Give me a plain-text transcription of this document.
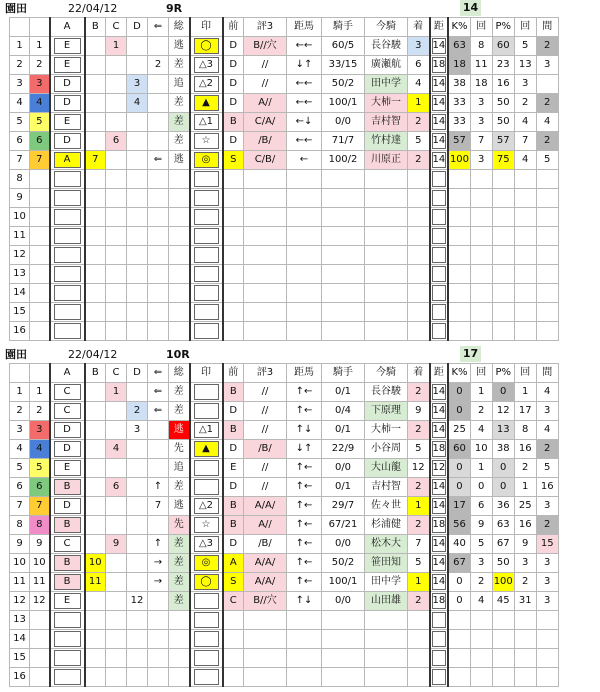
園田	22/04/12	9R	14
		A	B	C	D	⇐	総	印	前	評3	距馬	騎手	今騎	着	距	K%	回	P%	回	間
1	1	E		1			逃	◯	D	B//穴	←←	60/5	長谷駿	3	14	63	8	60	5	2
2	2	E				2	差	△3	D	//	↓↑	33/15	廣瀬航	6	18	18	11	23	13	3
3	3	D			3		追	△2	D	//	←←	50/2	田中学	4	14	38	18	16	3	
4	4	D			4		差	▲	D	A//	←←	100/1	大柿一	1	14	33	3	50	2	2
5	5	E					差	△1	B	C/A/	←↓	0/0	吉村智	2	14	33	3	50	4	4
6	6	D		6			差	☆	D	/B/	←←	71/7	竹村達	5	14	57	7	57	7	2
7	7	A	7			⇐	逃	◎	S	C/B/	←	100/2	川原正	2	14	100	3	75	4	5
8		

9		

10		

11		

12		

13		

14		

15		

16		

園田	22/04/12	10R	17
		A	B	C	D	⇐	総	印	前	評3	距馬	騎手	今騎	着	距	K%	回	P%	回	間
1	1	C		1		⇐	差		B	//	↑←	0/1	長谷駿	2	14	0	1	0	1	4
2	2	C			2	⇐	差		D	//	↑←	0/4	下原理	9	14	0	2	12	17	3
3	3	D			3		逃	△1	B	//	↑↓	0/1	大柿一	2	14	25	4	13	8	4
4	4	D		4			先	▲	D	/B/	↓↑	22/9	小谷周	5	18	60	10	38	16	2
5	5	E					追		E	//	↑←	0/0	大山龍	12	12	0	1	0	2	5
6	6	B		6		↑	差		D	//	↑←	0/1	吉村智	2	14	0	0	0	1	16
7	7	D				7	逃	△2	B	A/A/	↑←	29/7	佐々世	1	14	17	6	36	25	3
8	8	B					先	☆	B	A//	↑←	67/21	杉浦健	2	18	56	9	63	16	2
9	9	C		9		↑	差	△3	D	/B/	↑←	0/0	松木大	7	14	40	5	67	9	15
10	10	B	10			→	差	◎	A	A/A/	↑←	50/2	笹田知	5	14	67	3	50	3	3
11	11	B	11			→	差	◯	S	A/A/	↑←	100/1	田中学	1	14	0	2	100	2	3
12	12	E			12		差		C	B//穴	↑↓	0/0	山田雄	2	18	0	4	45	31	3
13		

14		

15		

16		
